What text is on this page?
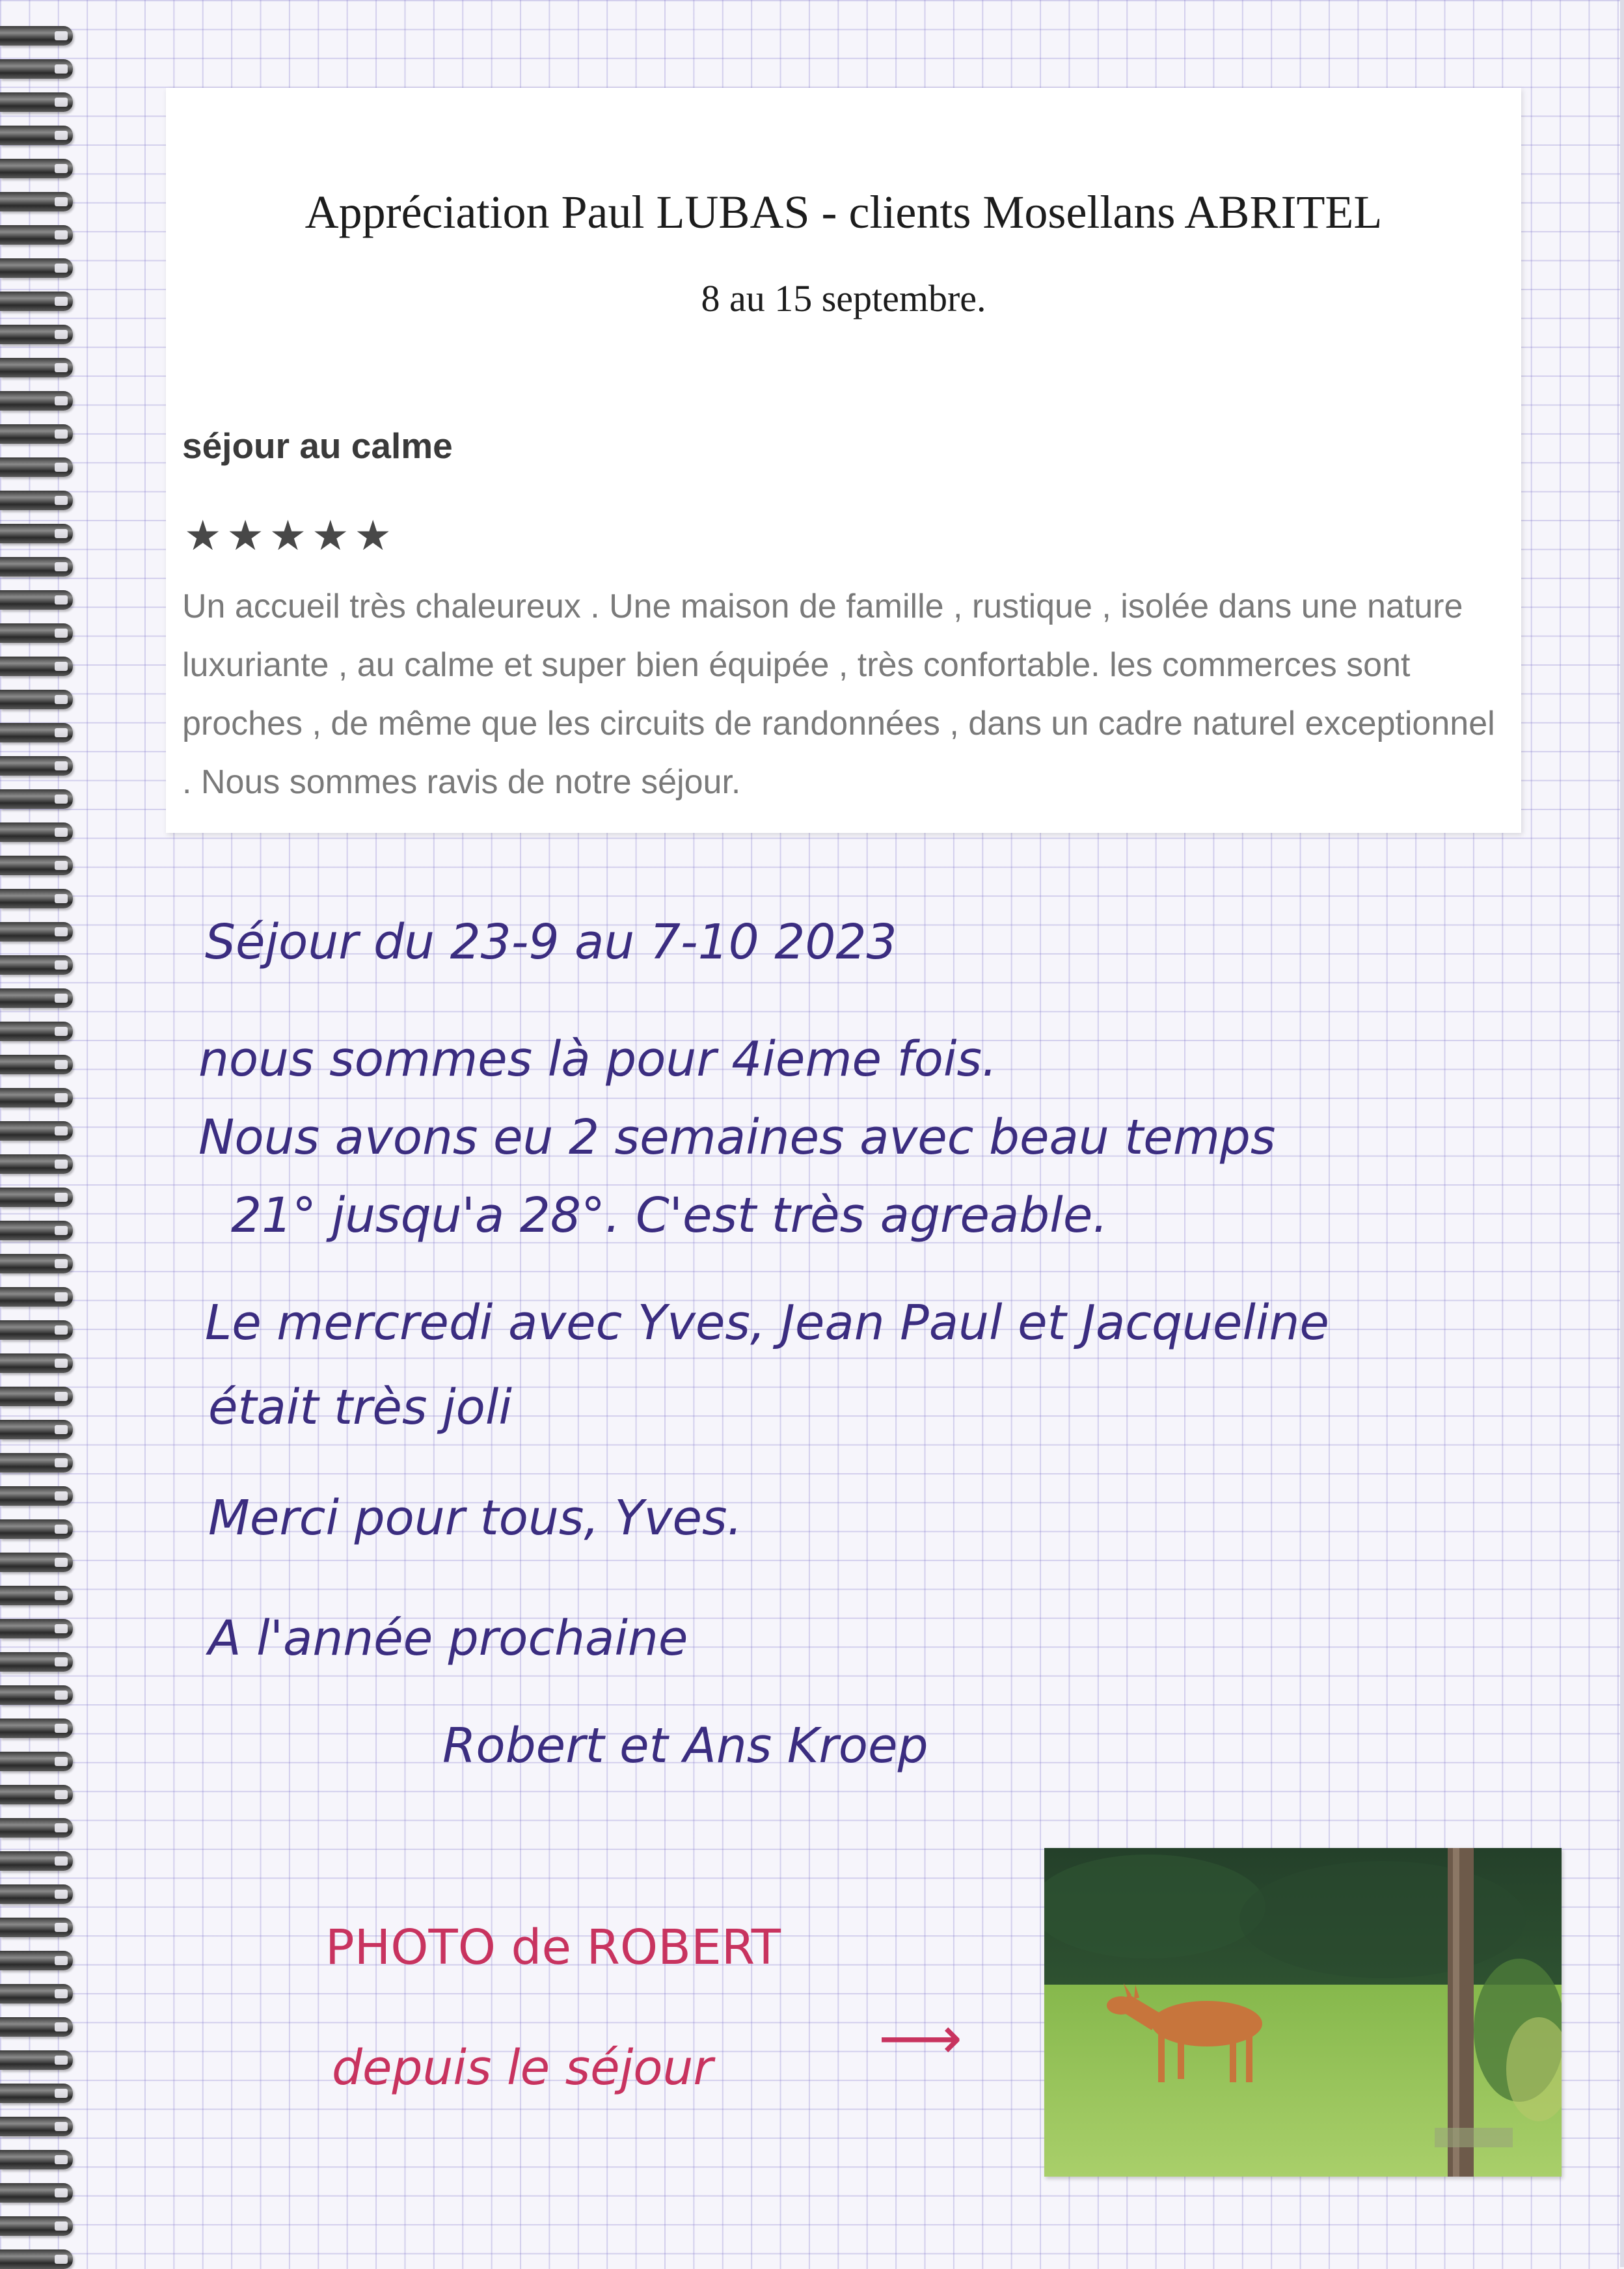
Appréciation Paul LUBAS - clients Mosellans ABRITEL
8 au 15 septembre.
séjour au calme
★★★★★
Un accueil très chaleureux . Une maison de famille , rustique , isolée dans une nature luxuriante , au calme et super bien équipée , très confortable. les commerces sont proches , de même que les circuits de randonnées , dans un cadre naturel exceptionnel . Nous sommes ravis de notre séjour.
Séjour du 23-9 au 7-10 2023
nous sommes là pour 4ieme fois.
Nous avons eu 2 semaines avec beau temps
21° jusqu'a 28°. C'est très agreable.
Le mercredi avec Yves, Jean Paul et Jacqueline
était très joli
Merci pour tous, Yves.
A l'année prochaine
Robert et Ans Kroep
PHOTO de ROBERT
depuis le séjour	⟶
